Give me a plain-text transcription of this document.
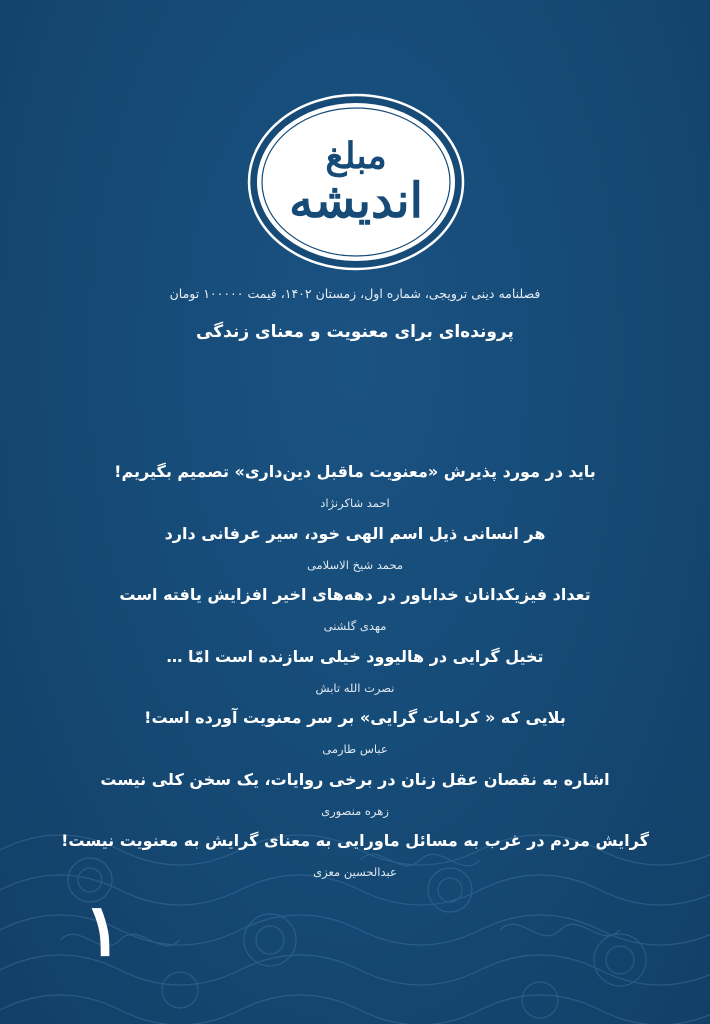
مبلغ
اندیشه
فصلنامه دینی ترویجی، شماره اول، زمستان ۱۴۰۲، قیمت ۱۰۰۰۰۰ تومان
پرونده‌ای برای معنویت و معنای زندگی
باید در مورد پذیرش «معنویت ماقبل دین‌داری» تصمیم بگیریم!
احمد شاکرنژاد
هر انسانی ذیل اسم الهی خود، سیر عرفانی دارد
محمد شیخ الاسلامی
تعداد فیزیکدانان خداباور در دهه‌های اخیر افزایش یافته است
مهدی گلشنی
تخیل گرایی در هالیوود خیلی سازنده است امّا …
نصرت الله تابش
بلایی که « کرامات گرایی» بر سر معنویت آورده است!
عباس طارمی
اشاره به نقصان عقل زنان در برخی روایات، یک سخن کلی نیست
زهره منصوری
گرایش مردم در غرب به مسائل ماورایی به معنای گرایش به معنویت نیست!
عبدالحسین معزی
۱
